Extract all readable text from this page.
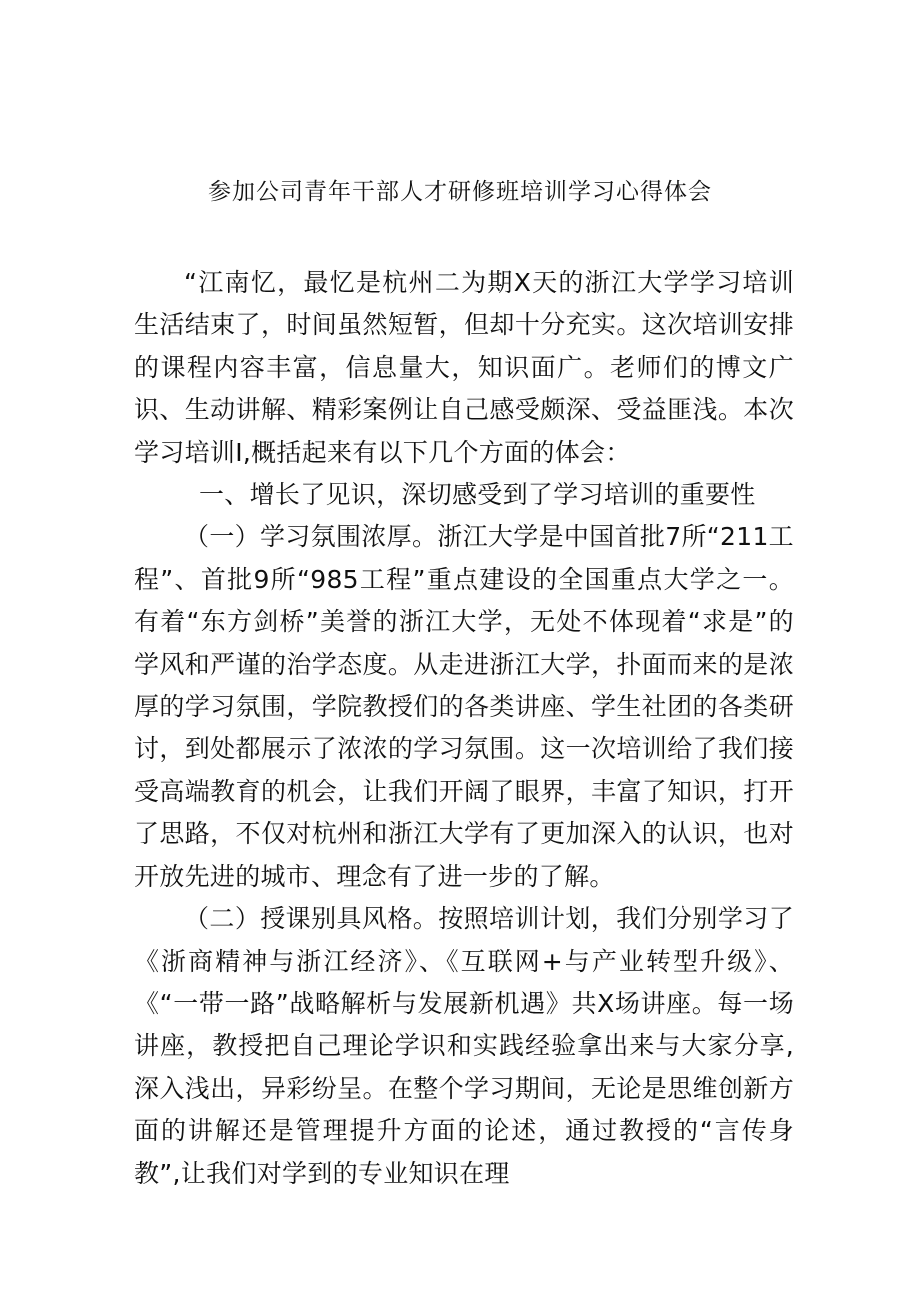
参加公司青年干部人才研修班培训学习心得体会

“江南忆，最忆是杭州二为期X天的浙江大学学习培训生活结束了，时间虽然短暂，但却十分充实。这次培训安排的课程内容丰富，信息量大，知识面广。老师们的博文广识、生动讲解、精彩案例让自己感受颇深、受益匪浅。本次学习培训I,概括起来有以下几个方面的体会：

一、增长了见识，深切感受到了学习培训的重要性

（一）学习氛围浓厚。浙江大学是中国首批7所“211工程”、首批9所“985工程”重点建设的全国重点大学之一。有着“东方剑桥”美誉的浙江大学，无处不体现着“求是”的学风和严谨的治学态度。从走进浙江大学，扑面而来的是浓厚的学习氛围，学院教授们的各类讲座、学生社团的各类研讨，到处都展示了浓浓的学习氛围。这一次培训给了我们接受高端教育的机会，让我们开阔了眼界，丰富了知识，打开了思路，不仅对杭州和浙江大学有了更加深入的认识，也对开放先进的城市、理念有了进一步的了解。

（二）授课别具风格。按照培训计划，我们分别学习了《浙商精神与浙江经济》、《互联网+与产业转型升级》、《“一带一路”战略解析与发展新机遇》共X场讲座。每一场讲座，教授把自己理论学识和实践经验拿出来与大家分享,深入浅出，异彩纷呈。在整个学习期间，无论是思维创新方面的讲解还是管理提升方面的论述，通过教授的“言传身教”,让我们对学到的专业知识在理
